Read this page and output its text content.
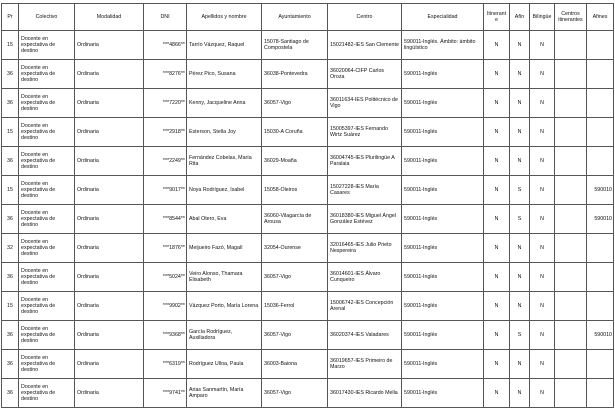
Pr	Colectivo	Modalidad	DNI	Apellidos y nombre	Ayuntamiento	Centro	Especialidad	Itinerante	Afín	Bilingüe	Centros itinerantes	Afines
15	Docente en expectativa de destino	Ordinaria	***4866**	Tarrío Vázquez, Raquel	15078-Santiago de Compostela	15021482-IES San Clemente	590011-Inglés. Ámbito: ámbito lingüístico	N	N	N		
36	Docente en expectativa de destino	Ordinaria	***8276**	Pérez Pico, Susana	36038-Pontevedra	36020064-CIFP Carlos Oroza	590011-Inglés	N	N	N		
36	Docente en expectativa de destino	Ordinaria	***7220**	Kenny, Jacqueline Anna	36057-Vigo	36011634-IES Politécnico de Vigo	590011-Inglés	N	N	N		
15	Docente en expectativa de destino	Ordinaria	***2918**	Esterson, Stella Joy	15030-A Coruña	15005397-IES Fernando Wirtz Suárez	590011-Inglés	N	N	N		
36	Docente en expectativa de destino	Ordinaria	***2249**	Fernández Cobelas, María Rita	36029-Moaña	36004745-IES Plurilingüe A Paralaia	590011-Inglés	N	N	N		
15	Docente en expectativa de destino	Ordinaria	***9017**	Noya Rodríguez, Isabel	15058-Oleiros	15027228-IES María Casares	590011-Inglés	N	S	N		590010
36	Docente en expectativa de destino	Ordinaria	***8544**	Abal Otero, Eva	36060-Vilagarcía de Arousa	36018380-IES Miguel Ángel González Estévez	590011-Inglés	N	S	N		590010
32	Docente en expectativa de destino	Ordinaria	***1876**	Meijueiro Fazó, Magalí	32054-Ourense	32016465-IES Julio Prieto Nespereira	590011-Inglés	N	N	N		
36	Docente en expectativa de destino	Ordinaria	***5024**	Veiro Alonso, Thamara Elisabeth	36057-Vigo	36014601-IES Álvaro Cunqueiro	590011-Inglés	N	N	N		
15	Docente en expectativa de destino	Ordinaria	***9902**	Vázquez Porto, María Lorena	15036-Ferrol	15006742-IES Concepción Arenal	590011-Inglés	N	N	N		
36	Docente en expectativa de destino	Ordinaria	***9368**	García Rodríguez, Auxiliadora	36057-Vigo	36020374-IES Valadares	590011-Inglés	N	S	N		590010
36	Docente en expectativa de destino	Ordinaria	***6319**	Rodríguez Ulloa, Paula	36003-Baiona	36019657-IES Primeiro de Marzo	590011-Inglés	N	N	N		
36	Docente en expectativa de destino	Ordinaria	***9741**	Arias Sanmartín, María Amparo	36057-Vigo	36017430-IES Ricardo Mella	590011-Inglés	N	N	N		
